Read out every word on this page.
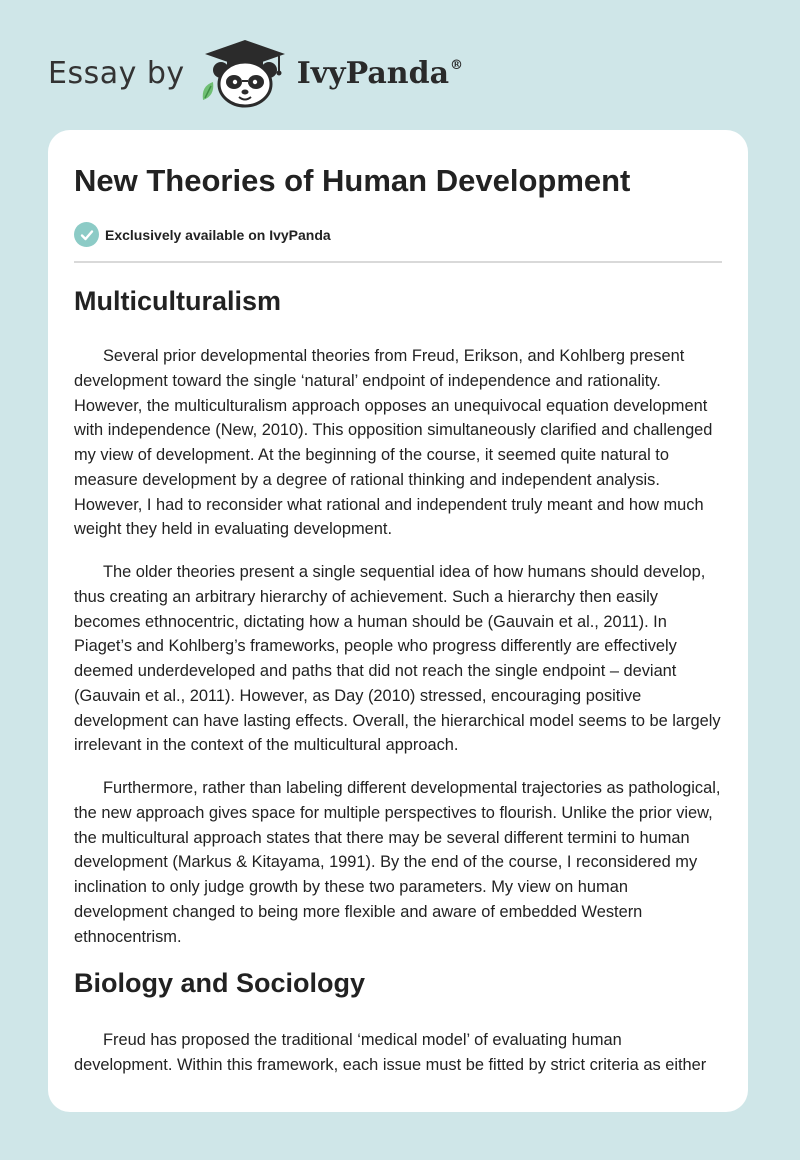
Essay by	IvyPanda®
New Theories of Human Development
Exclusively available on IvyPanda
Multiculturalism

Several prior developmental theories from Freud, Erikson, and Kohlberg present development toward the single ‘natural’ endpoint of independence and rationality. However, the multiculturalism approach opposes an unequivocal equation development with independence (New, 2010). This opposition simultaneously clarified and challenged my view of development. At the beginning of the course, it seemed quite natural to measure development by a degree of rational thinking and independent analysis. However, I had to reconsider what rational and independent truly meant and how much weight they held in evaluating development.

The older theories present a single sequential idea of how humans should develop, thus creating an arbitrary hierarchy of achievement. Such a hierarchy then easily becomes ethnocentric, dictating how a human should be (Gauvain et al., 2011). In Piaget’s and Kohlberg’s frameworks, people who progress differently are effectively deemed underdeveloped and paths that did not reach the single endpoint – deviant (Gauvain et al., 2011). However, as Day (2010) stressed, encouraging positive development can have lasting effects. Overall, the hierarchical model seems to be largely irrelevant in the context of the multicultural approach.

Furthermore, rather than labeling different developmental trajectories as pathological, the new approach gives space for multiple perspectives to flourish. Unlike the prior view, the multicultural approach states that there may be several different termini to human development (Markus & Kitayama, 1991). By the end of the course, I reconsidered my inclination to only judge growth by these two parameters. My view on human development changed to being more flexible and aware of embedded Western ethnocentrism.

Biology and Sociology

Freud has proposed the traditional ‘medical model’ of evaluating human development. Within this framework, each issue must be fitted by strict criteria as either
